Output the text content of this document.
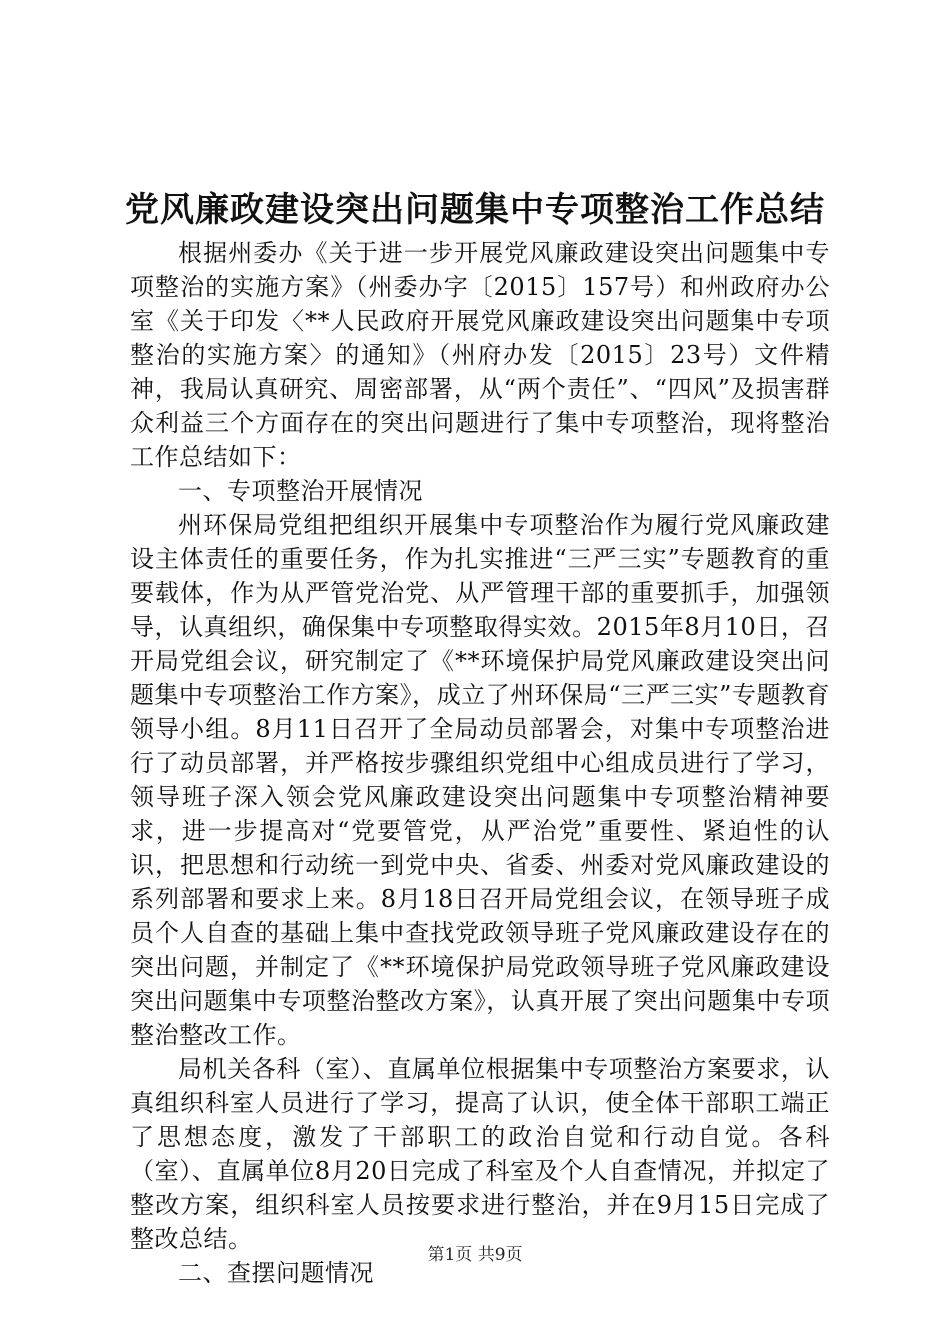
党风廉政建设突出问题集中专项整治工作总结

根据州委办《关于进一步开展党风廉政建设突出问题集中专项整治的实施方案》（州委办字〔2015〕157号）和州政府办公室《关于印发〈**人民政府开展党风廉政建设突出问题集中专项整治的实施方案〉的通知》（州府办发〔2015〕23号）文件精神，我局认真研究、周密部署，从“两个责任”、“四风”及损害群众利益三个方面存在的突出问题进行了集中专项整治，现将整治工作总结如下：

一、专项整治开展情况

州环保局党组把组织开展集中专项整治作为履行党风廉政建设主体责任的重要任务，作为扎实推进“三严三实”专题教育的重要载体，作为从严管党治党、从严管理干部的重要抓手，加强领导，认真组织，确保集中专项整取得实效。2015年8月10日，召开局党组会议，研究制定了《**环境保护局党风廉政建设突出问题集中专项整治工作方案》，成立了州环保局“三严三实”专题教育领导小组。8月11日召开了全局动员部署会，对集中专项整治进行了动员部署，并严格按步骤组织党组中心组成员进行了学习，领导班子深入领会党风廉政建设突出问题集中专项整治精神要求，进一步提高对“党要管党，从严治党”重要性、紧迫性的认识，把思想和行动统一到党中央、省委、州委对党风廉政建设的系列部署和要求上来。8月18日召开局党组会议，在领导班子成员个人自查的基础上集中查找党政领导班子党风廉政建设存在的突出问题，并制定了《**环境保护局党政领导班子党风廉政建设突出问题集中专项整治整改方案》，认真开展了突出问题集中专项整治整改工作。

局机关各科（室）、直属单位根据集中专项整治方案要求，认真组织科室人员进行了学习，提高了认识，使全体干部职工端正了思想态度，激发了干部职工的政治自觉和行动自觉。各科（室）、直属单位8月20日完成了科室及个人自查情况，并拟定了整改方案，组织科室人员按要求进行整治，并在9月15日完成了整改总结。

二、查摆问题情况

第1页 共9页
